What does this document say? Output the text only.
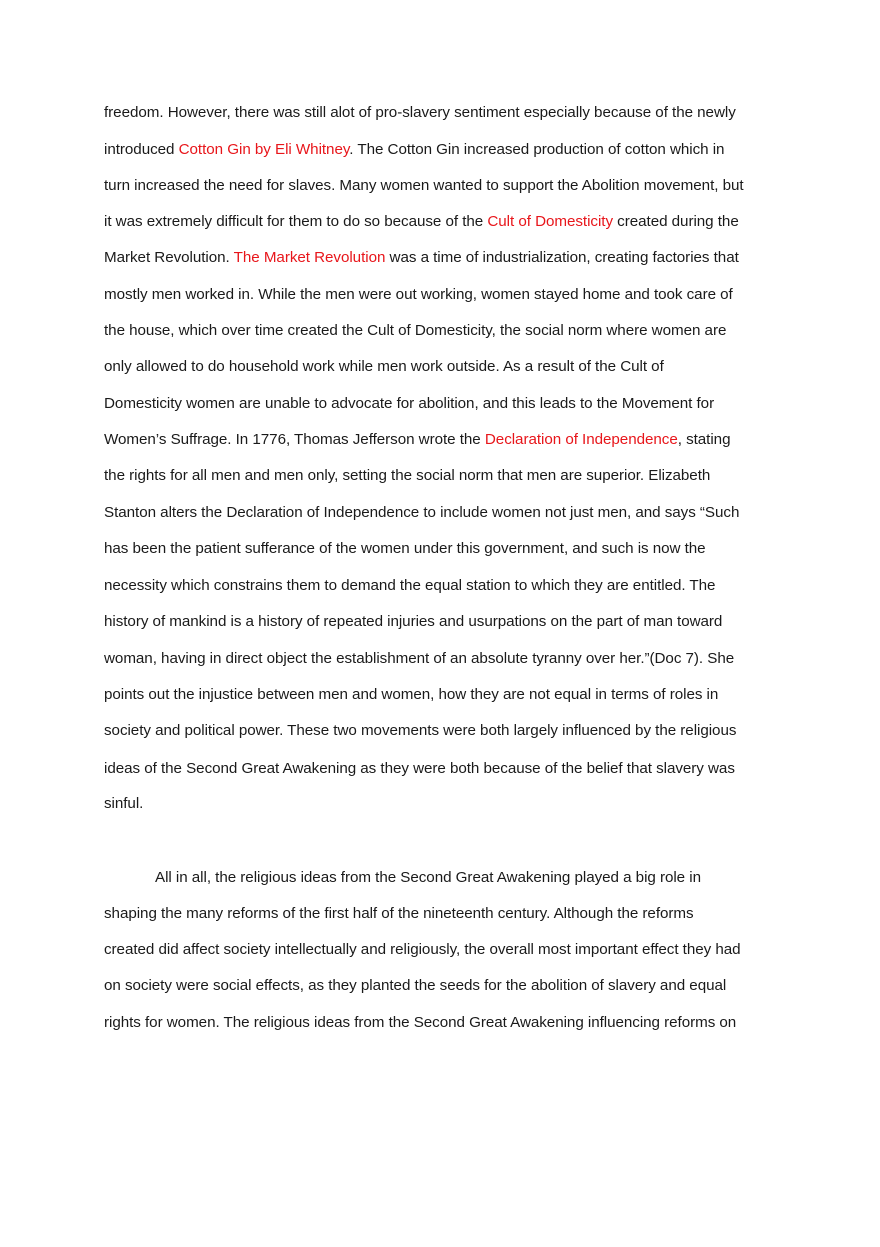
freedom. However, there was still alot of pro-slavery sentiment especially because of the newly
introduced Cotton Gin by Eli Whitney. The Cotton Gin increased production of cotton which in
turn increased the need for slaves. Many women wanted to support the Abolition movement, but
it was extremely difficult for them to do so because of the Cult of Domesticity created during the
Market Revolution. The Market Revolution was a time of industrialization, creating factories that
mostly men worked in. While the men were out working, women stayed home and took care of
the house, which over time created the Cult of Domesticity, the social norm where women are
only allowed to do household work while men work outside. As a result of the Cult of
Domesticity women are unable to advocate for abolition, and this leads to the Movement for
Women’s Suffrage. In 1776, Thomas Jefferson wrote the Declaration of Independence, stating
the rights for all men and men only, setting the social norm that men are superior. Elizabeth
Stanton alters the Declaration of Independence to include women not just men, and says “Such
has been the patient sufferance of the women under this government, and such is now the
necessity which constrains them to demand the equal station to which they are entitled. The
history of mankind is a history of repeated injuries and usurpations on the part of man toward
woman, having in direct object the establishment of an absolute tyranny over her.”(Doc 7). She
points out the injustice between men and women, how they are not equal in terms of roles in
society and political power. These two movements were both largely influenced by the religious
ideas of the Second Great Awakening as they were both because of the belief that slavery was
sinful.
All in all, the religious ideas from the Second Great Awakening played a big role in
shaping the many reforms of the first half of the nineteenth century. Although the reforms
created did affect society intellectually and religiously, the overall most important effect they had
on society were social effects, as they planted the seeds for the abolition of slavery and equal
rights for women. The religious ideas from the Second Great Awakening influencing reforms on
